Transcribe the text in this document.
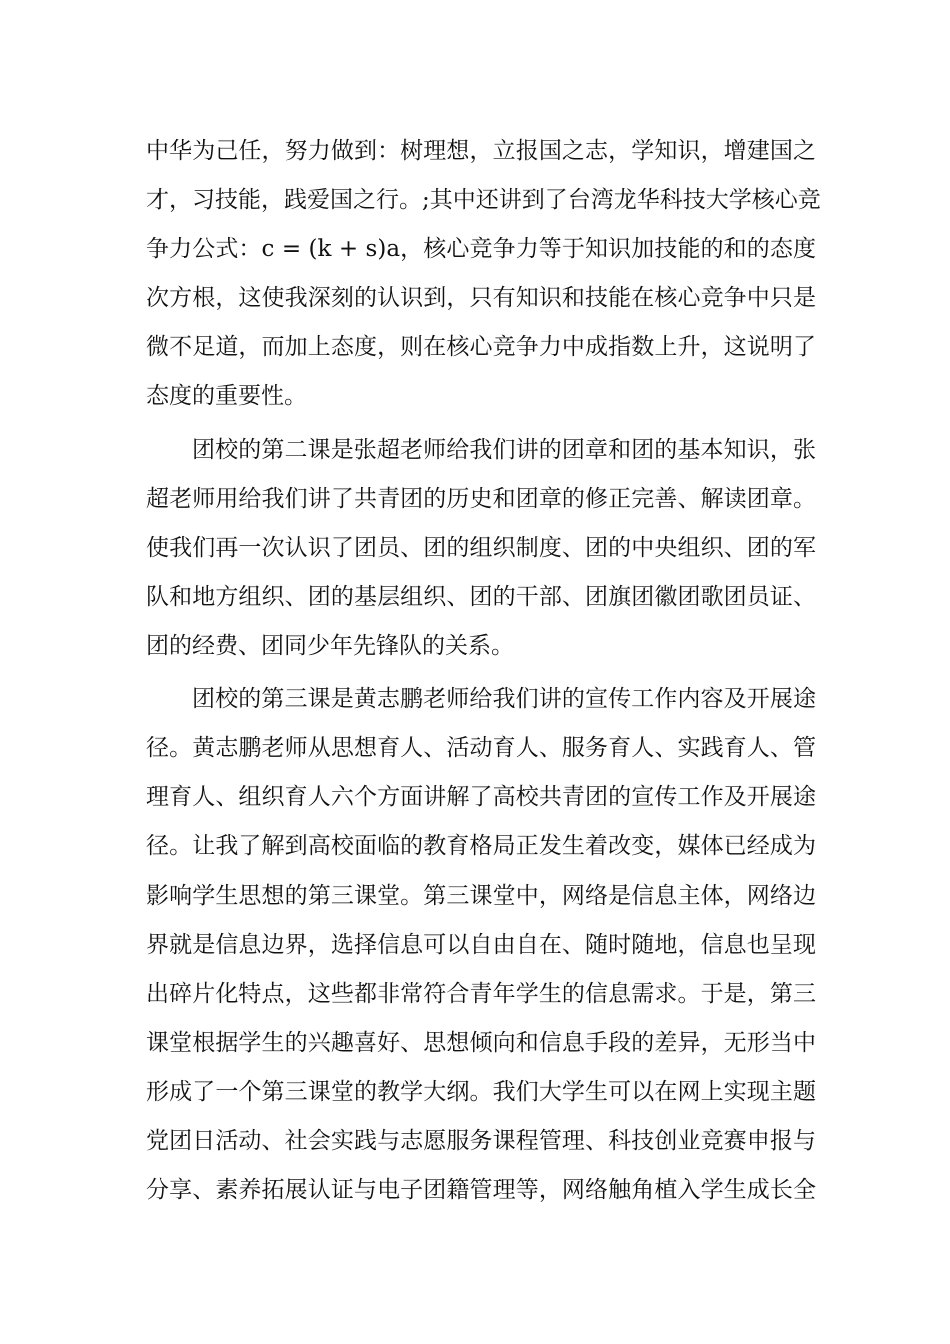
中华为己任，努力做到：树理想，立报国之志，学知识，增建国之
才，习技能，践爱国之行。;其中还讲到了台湾龙华科技大学核心竞
争力公式：c = (k + s)a，核心竞争力等于知识加技能的和的态度
次方根，这使我深刻的认识到，只有知识和技能在核心竞争中只是
微不足道，而加上态度，则在核心竞争力中成指数上升，这说明了
态度的重要性。
团校的第二课是张超老师给我们讲的团章和团的基本知识，张
超老师用给我们讲了共青团的历史和团章的修正完善、解读团章。
使我们再一次认识了团员、团的组织制度、团的中央组织、团的军
队和地方组织、团的基层组织、团的干部、团旗团徽团歌团员证、
团的经费、团同少年先锋队的关系。
团校的第三课是黄志鹏老师给我们讲的宣传工作内容及开展途
径。黄志鹏老师从思想育人、活动育人、服务育人、实践育人、管
理育人、组织育人六个方面讲解了高校共青团的宣传工作及开展途
径。让我了解到高校面临的教育格局正发生着改变，媒体已经成为
影响学生思想的第三课堂。第三课堂中，网络是信息主体，网络边
界就是信息边界，选择信息可以自由自在、随时随地，信息也呈现
出碎片化特点，这些都非常符合青年学生的信息需求。于是，第三
课堂根据学生的兴趣喜好、思想倾向和信息手段的差异，无形当中
形成了一个第三课堂的教学大纲。我们大学生可以在网上实现主题
党团日活动、社会实践与志愿服务课程管理、科技创业竞赛申报与
分享、素养拓展认证与电子团籍管理等，网络触角植入学生成长全
